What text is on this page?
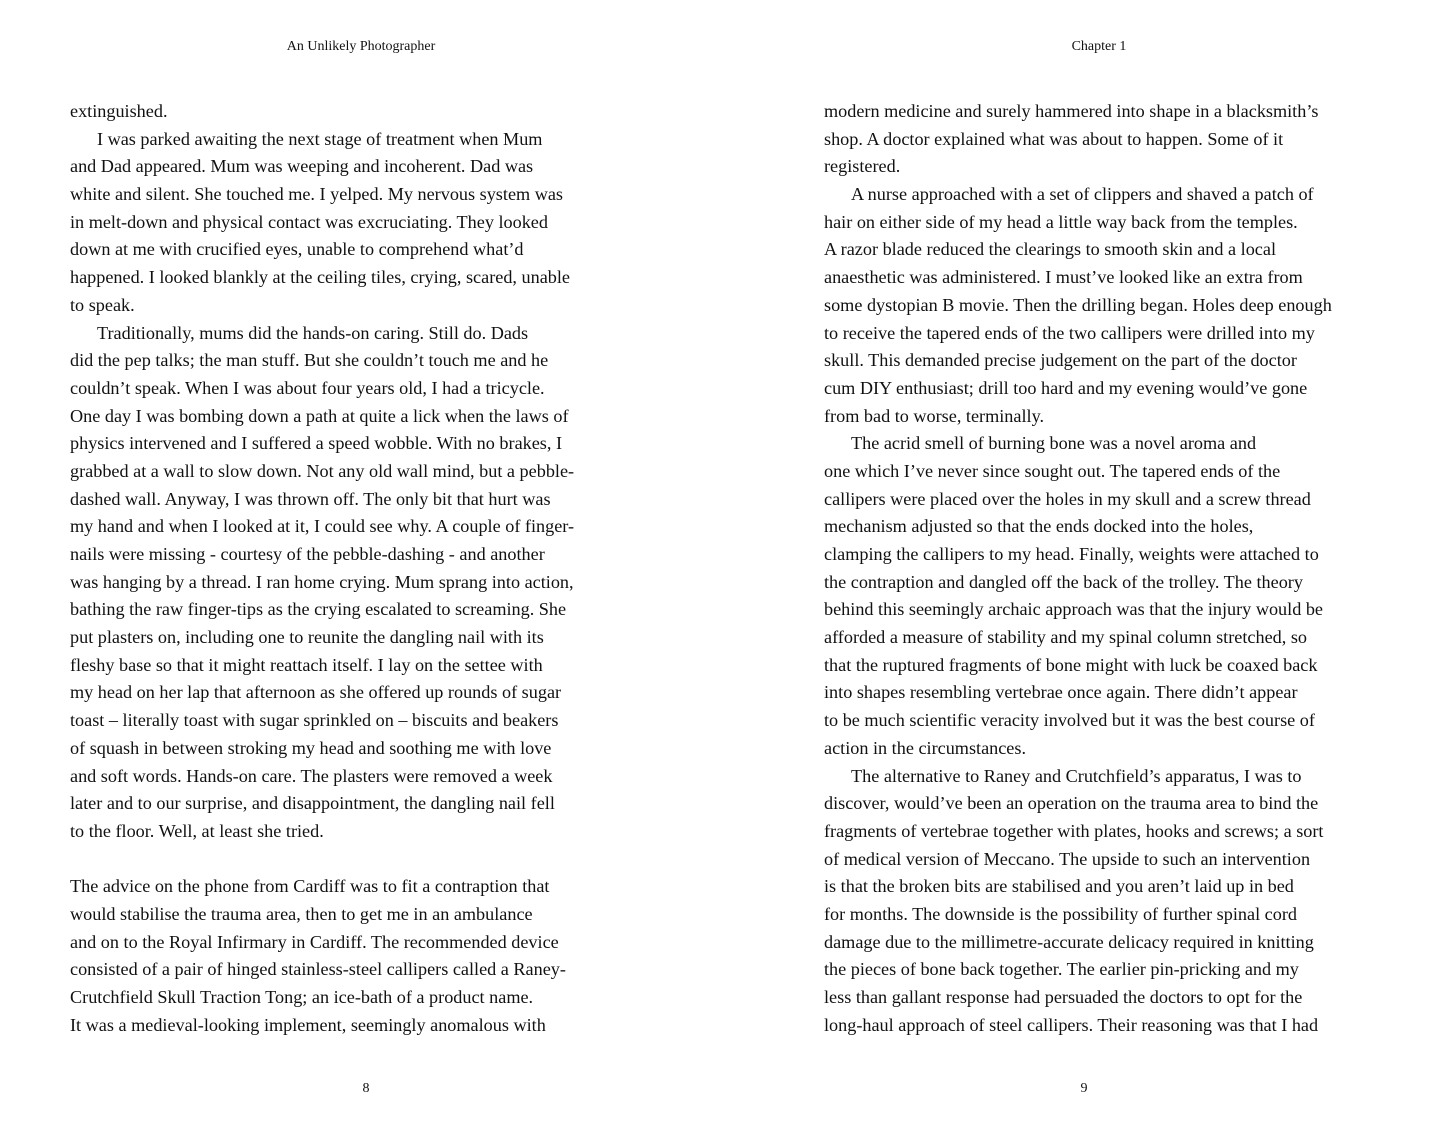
An Unlikely Photographer
extinguished.
I was parked awaiting the next stage of treatment when Mum
and Dad appeared. Mum was weeping and incoherent. Dad was
white and silent. She touched me. I yelped. My nervous system was
in melt-down and physical contact was excruciating. They looked
down at me with crucified eyes, unable to comprehend what’d
happened. I looked blankly at the ceiling tiles, crying, scared, unable
to speak.
Traditionally, mums did the hands-on caring. Still do. Dads
did the pep talks; the man stuff. But she couldn’t touch me and he
couldn’t speak. When I was about four years old, I had a tricycle.
One day I was bombing down a path at quite a lick when the laws of
physics intervened and I suffered a speed wobble. With no brakes, I
grabbed at a wall to slow down. Not any old wall mind, but a pebble-
dashed wall. Anyway, I was thrown off. The only bit that hurt was
my hand and when I looked at it, I could see why. A couple of finger-
nails were missing - courtesy of the pebble-dashing - and another
was hanging by a thread. I ran home crying. Mum sprang into action,
bathing the raw finger-tips as the crying escalated to screaming. She
put plasters on, including one to reunite the dangling nail with its
fleshy base so that it might reattach itself. I lay on the settee with
my head on her lap that afternoon as she offered up rounds of sugar
toast – literally toast with sugar sprinkled on – biscuits and beakers
of squash in between stroking my head and soothing me with love
and soft words. Hands-on care. The plasters were removed a week
later and to our surprise, and disappointment, the dangling nail fell
to the floor. Well, at least she tried.
The advice on the phone from Cardiff was to fit a contraption that
would stabilise the trauma area, then to get me in an ambulance
and on to the Royal Infirmary in Cardiff. The recommended device
consisted of a pair of hinged stainless-steel callipers called a Raney-
Crutchfield Skull Traction Tong; an ice-bath of a product name.
It was a medieval-looking implement, seemingly anomalous with
8
Chapter 1
modern medicine and surely hammered into shape in a blacksmith’s
shop. A doctor explained what was about to happen. Some of it
registered.
A nurse approached with a set of clippers and shaved a patch of
hair on either side of my head a little way back from the temples.
A razor blade reduced the clearings to smooth skin and a local
anaesthetic was administered. I must’ve looked like an extra from
some dystopian B movie. Then the drilling began. Holes deep enough
to receive the tapered ends of the two callipers were drilled into my
skull. This demanded precise judgement on the part of the doctor
cum DIY enthusiast; drill too hard and my evening would’ve gone
from bad to worse, terminally.
The acrid smell of burning bone was a novel aroma and
one which I’ve never since sought out. The tapered ends of the
callipers were placed over the holes in my skull and a screw thread
mechanism adjusted so that the ends docked into the holes,
clamping the callipers to my head. Finally, weights were attached to
the contraption and dangled off the back of the trolley. The theory
behind this seemingly archaic approach was that the injury would be
afforded a measure of stability and my spinal column stretched, so
that the ruptured fragments of bone might with luck be coaxed back
into shapes resembling vertebrae once again. There didn’t appear
to be much scientific veracity involved but it was the best course of
action in the circumstances.
The alternative to Raney and Crutchfield’s apparatus, I was to
discover, would’ve been an operation on the trauma area to bind the
fragments of vertebrae together with plates, hooks and screws; a sort
of medical version of Meccano. The upside to such an intervention
is that the broken bits are stabilised and you aren’t laid up in bed
for months. The downside is the possibility of further spinal cord
damage due to the millimetre-accurate delicacy required in knitting
the pieces of bone back together. The earlier pin-pricking and my
less than gallant response had persuaded the doctors to opt for the
long-haul approach of steel callipers. Their reasoning was that I had
9
